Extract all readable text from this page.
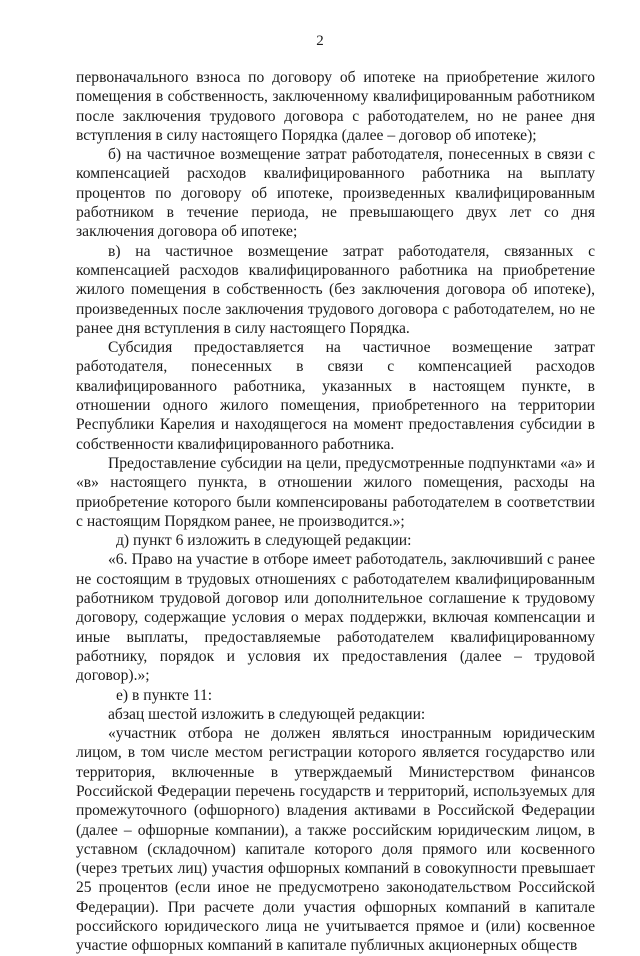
2

первоначального взноса по договору об ипотеке на приобретение жилого помещения в собственность, заключенному квалифицированным работником после заключения трудового договора с работодателем, но не ранее дня вступления в силу настоящего Порядка (далее – договор об ипотеке);

б) на частичное возмещение затрат работодателя, понесенных в связи с компенсацией расходов квалифицированного работника на выплату процентов по договору об ипотеке, произведенных квалифицированным работником в течение периода, не превышающего двух лет со дня заключения договора об ипотеке;

в) на частичное возмещение затрат работодателя, связанных с компенсацией расходов квалифицированного работника на приобретение жилого помещения в собственность (без заключения договора об ипотеке), произведенных после заключения трудового договора с работодателем, но не ранее дня вступления в силу настоящего Порядка.

Субсидия предоставляется на частичное возмещение затрат работодателя, понесенных в связи с компенсацией расходов квалифицированного работника, указанных в настоящем пункте, в отношении одного жилого помещения, приобретенного на территории Республики Карелия и находящегося на момент предоставления субсидии в собственности квалифицированного работника.

Предоставление субсидии на цели, предусмотренные подпунктами «а» и «в» настоящего пункта, в отношении жилого помещения, расходы на приобретение которого были компенсированы работодателем в соответствии с настоящим Порядком ранее, не производится.»;

д) пункт 6 изложить в следующей редакции:

«6. Право на участие в отборе имеет работодатель, заключивший с ранее не состоящим в трудовых отношениях с работодателем квалифицированным работником трудовой договор или дополнительное соглашение к трудовому договору, содержащие условия о мерах поддержки, включая компенсации и иные выплаты, предоставляемые работодателем квалифицированному работнику, порядок и условия их предоставления (далее – трудовой договор).»;

е) в пункте 11:

абзац шестой изложить в следующей редакции:

«участник отбора не должен являться иностранным юридическим лицом, в том числе местом регистрации которого является государство или территория, включенные в утверждаемый Министерством финансов Российской Федерации перечень государств и территорий, используемых для промежуточного (офшорного) владения активами в Российской Федерации (далее – офшорные компании), а также российским юридическим лицом, в уставном (складочном) капитале которого доля прямого или косвенного (через третьих лиц) участия офшорных компаний в совокупности превышает 25 процентов (если иное не предусмотрено законодательством Российской Федерации). При расчете доли участия офшорных компаний в капитале российского юридического лица не учитывается прямое и (или) косвенное участие офшорных компаний в капитале публичных акционерных обществ
